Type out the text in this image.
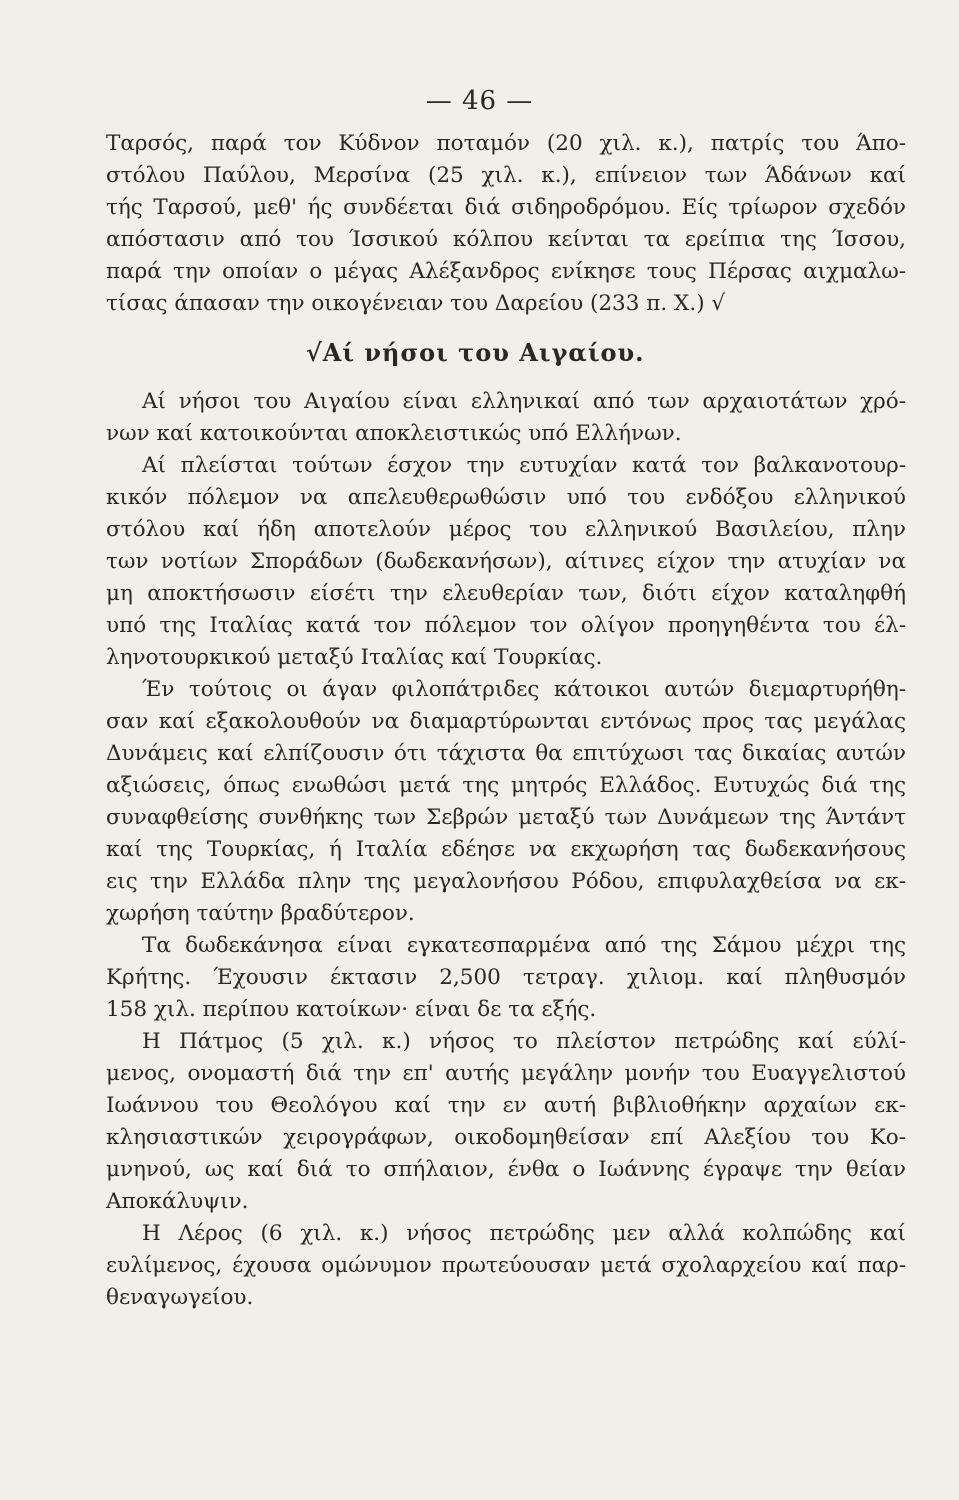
— 46 —
Ταρσός, παρά τον Κύδνον ποταμόν (20 χιλ. κ.), πατρίς του Άπο-
στόλου Παύλου, Μερσίνα (25 χιλ. κ.), επίνειον των Άδάνων καί
τής Ταρσού, μεθ' ής συνδέεται διά σιδηροδρόμου. Είς τρίωρον σχεδόν
απόστασιν από του Ίσσικού κόλπου κείνται τα ερείπια της Ίσσου,
παρά την οποίαν ο μέγας Αλέξανδρος ενίκησε τους Πέρσας αιχμαλω-
τίσας άπασαν την οικογένειαν του Δαρείου (233 π. Χ.) √
√Αί νήσοι του Αιγαίου.
Αί νήσοι του Αιγαίου είναι ελληνικαί από των αρχαιοτάτων χρό-
νων καί κατοικούνται αποκλειστικώς υπό Ελλήνων.
Αί πλείσται τούτων έσχον την ευτυχίαν κατά τον βαλκανοτουρ-
κικόν πόλεμον να απελευθερωθώσιν υπό του ενδόξου ελληνικού
στόλου καί ήδη αποτελούν μέρος του ελληνικού Βασιλείου, πλην
των νοτίων Σποράδων (δωδεκανήσων), αίτινες είχον την ατυχίαν να
μη αποκτήσωσιν είσέτι την ελευθερίαν των, διότι είχον καταληφθή
υπό της Ιταλίας κατά τον πόλεμον τον ολίγον προηγηθέντα του έλ-
ληνοτουρκικού μεταξύ Ιταλίας καί Τουρκίας.
Έν τούτοις οι άγαν φιλοπάτριδες κάτοικοι αυτών διεμαρτυρήθη-
σαν καί εξακολουθούν να διαμαρτύρωνται εντόνως προς τας μεγάλας
Δυνάμεις καί ελπίζουσιν ότι τάχιστα θα επιτύχωσι τας δικαίας αυτών
αξιώσεις, όπως ενωθώσι μετά της μητρός Ελλάδος. Ευτυχώς διά της
συναφθείσης συνθήκης των Σεβρών μεταξύ των Δυνάμεων της Άντάντ
καί της Τουρκίας, ή Ιταλία εδέησε να εκχωρήση τας δωδεκανήσους
εις την Ελλάδα πλην της μεγαλονήσου Ρόδου, επιφυλαχθείσα να εκ-
χωρήση ταύτην βραδύτερον.
Τα δωδεκάνησα είναι εγκατεσπαρμένα από της Σάμου μέχρι της
Κρήτης. Έχουσιν έκτασιν 2,500 τετραγ. χιλιομ. καί πληθυσμόν
158 χιλ. περίπου κατοίκων· είναι δε τα εξής.
Η Πάτμος (5 χιλ. κ.) νήσος το πλείστον πετρώδης καί εύλί-
μενος, ονομαστή διά την επ' αυτής μεγάλην μονήν του Ευαγγελιστού
Ιωάννου του Θεολόγου καί την εν αυτή βιβλιοθήκην αρχαίων εκ-
κλησιαστικών χειρογράφων, οικοδομηθείσαν επί Αλεξίου του Κο-
μνηνού, ως καί διά το σπήλαιον, ένθα ο Ιωάννης έγραψε την θείαν
Αποκάλυψιν.
Η Λέρος (6 χιλ. κ.) νήσος πετρώδης μεν αλλά κολπώδης καί
ευλίμενος, έχουσα ομώνυμον πρωτεύουσαν μετά σχολαρχείου καί παρ-
θεναγωγείου.
